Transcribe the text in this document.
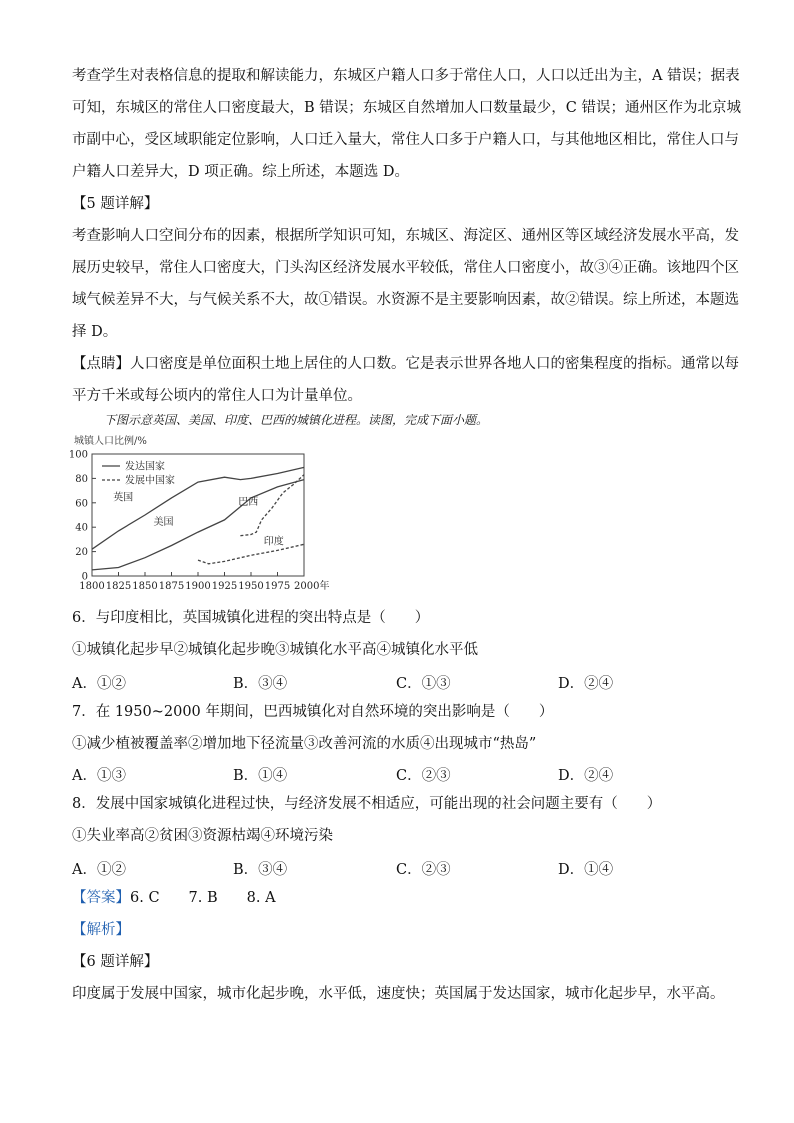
考查学生对表格信息的提取和解读能力，东城区户籍人口多于常住人口，人口以迁出为主，A 错误；据表
可知，东城区的常住人口密度最大，B 错误；东城区自然增加人口数量最少，C 错误；通州区作为北京城
市副中心，受区域职能定位影响，人口迁入量大，常住人口多于户籍人口，与其他地区相比，常住人口与
户籍人口差异大，D 项正确。综上所述，本题选 D。
【5 题详解】
考查影响人口空间分布的因素，根据所学知识可知，东城区、海淀区、通州区等区域经济发展水平高，发
展历史较早，常住人口密度大，门头沟区经济发展水平较低，常住人口密度小，故③④正确。该地四个区
域气候差异不大，与气候关系不大，故①错误。水资源不是主要影响因素，故②错误。综上所述，本题选
择 D。
【点睛】人口密度是单位面积土地上居住的人口数。它是表示世界各地人口的密集程度的指标。通常以每
平方千米或每公顷内的常住人口为计量单位。
下图示意英国、美国、印度、巴西的城镇化进程。读图，完成下面小题。
城镇人口比例/%
0
20
40
60
80
100
1800 1825 1850 1875 1900 1925 1950 1975 2000年
发达国家
发展中国家
英国
美国
巴西
印度
6．与印度相比，英国城镇化进程的突出特点是（　　）
①城镇化起步早②城镇化起步晚③城镇化水平高④城镇化水平低
A．①②	B．③④	C．①③	D．②④
7．在 1950~2000 年期间，巴西城镇化对自然环境的突出影响是（　　）
①减少植被覆盖率②增加地下径流量③改善河流的水质④出现城市“热岛”
A．①③	B．①④	C．②③	D．②④
8．发展中国家城镇化进程过快，与经济发展不相适应，可能出现的社会问题主要有（　　）
①失业率高②贫困③资源枯竭④环境污染
A．①②	B．③④	C．②③	D．①④
【答案】6. C　　7. B　　8. A
【解析】
【6 题详解】
印度属于发展中国家，城市化起步晚，水平低，速度快；英国属于发达国家，城市化起步早，水平高。
